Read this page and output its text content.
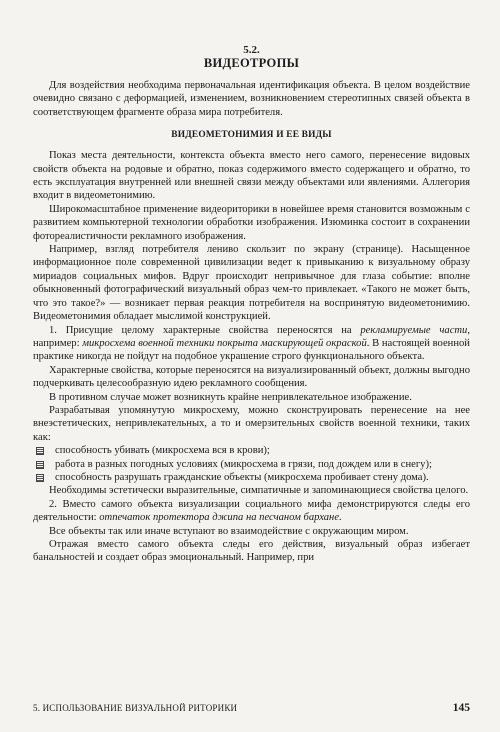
5.2.
ВИДЕОТРОПЫ

Для воздействия необходима первоначальная идентификация объекта. В целом воздействие очевидно связано с деформацией, изменением, возникновением стереотипных связей объекта в соответствующем фрагменте образа мира потребителя.

ВИДЕОМЕТОНИМИЯ И ЕЕ ВИДЫ

Показ места деятельности, контекста объекта вместо него самого, перенесение видовых свойств объекта на родовые и обратно, показ содержимого вместо содержащего и обратно, то есть эксплуатация внутренней или внешней связи между объектами или явлениями. Аллегория входит в видеометонимию.

Широкомасштабное применение видеориторики в новейшее время становится возможным с развитием компьютерной технологии обработки изображения. Изюминка состоит в сохранении фотореалистичности рекламного изображения.

Например, взгляд потребителя лениво скользит по экрану (странице). Насыщенное информационное поле современной цивилизации ведет к привыканию к визуальному образу мириадов социальных мифов. Вдруг происходит непривычное для глаза событие: вполне обыкновенный фотографический визуальный образ чем-то привлекает. «Такого не может быть, что это такое?» — возникает первая реакция потребителя на воспринятую видеометонимию. Видеометонимия обладает мыслимой конструкцией.

1. Присущие целому характерные свойства переносятся на рекламируемые части, например: микросхема военной техники покрыта маскирующей окраской. В настоящей военной практике никогда не пойдут на подобное украшение строго функционального объекта.

Характерные свойства, которые переносятся на визуализированный объект, должны выгодно подчеркивать целесообразную идею рекламного сообщения.

В противном случае может возникнуть крайне непривлекательное изображение.

Разрабатывая упомянутую микросхему, можно сконструировать перенесение на нее внеэстетических, непривлекательных, а то и омерзительных свойств военной техники, таких как:

способность убивать (микросхема вся в крови);
работа в разных погодных условиях (микросхема в грязи, под дождем или в снегу);
способность разрушать гражданские объекты (микросхема пробивает стену дома).

Необходимы эстетически выразительные, симпатичные и запоминающиеся свойства целого.

2. Вместо самого объекта визуализации социального мифа демонстрируются следы его деятельности: отпечаток протектора джипа на песчаном бархане.

Все объекты так или иначе вступают во взаимодействие с окружающим миром.

Отражая вместо самого объекта следы его действия, визуальный образ избегает банальностей и создает образ эмоциональный. Например, при

5. ИСПОЛЬЗОВАНИЕ ВИЗУАЛЬНОЙ РИТОРИКИ	145
